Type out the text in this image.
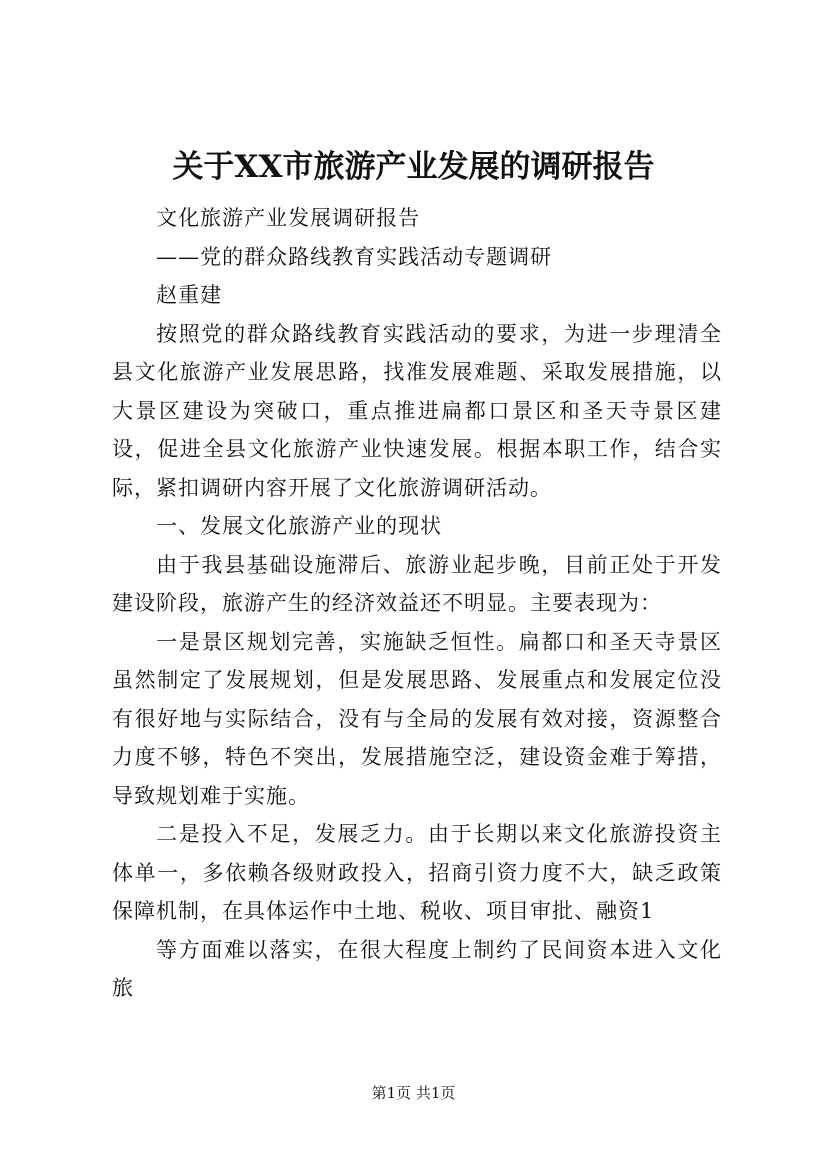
关于XX市旅游产业发展的调研报告

文化旅游产业发展调研报告

——党的群众路线教育实践活动专题调研

赵重建

按照党的群众路线教育实践活动的要求，为进一步理清全县文化旅游产业发展思路，找准发展难题、采取发展措施，以大景区建设为突破口，重点推进扁都口景区和圣天寺景区建设，促进全县文化旅游产业快速发展。根据本职工作，结合实际，紧扣调研内容开展了文化旅游调研活动。

一、发展文化旅游产业的现状

由于我县基础设施滞后、旅游业起步晚，目前正处于开发建设阶段，旅游产生的经济效益还不明显。主要表现为：

一是景区规划完善，实施缺乏恒性。扁都口和圣天寺景区虽然制定了发展规划，但是发展思路、发展重点和发展定位没有很好地与实际结合，没有与全局的发展有效对接，资源整合力度不够，特色不突出，发展措施空泛，建设资金难于筹措，导致规划难于实施。

二是投入不足，发展乏力。由于长期以来文化旅游投资主体单一，多依赖各级财政投入，招商引资力度不大，缺乏政策保障机制，在具体运作中土地、税收、项目审批、融资1

等方面难以落实，在很大程度上制约了民间资本进入文化旅

第1页 共1页
